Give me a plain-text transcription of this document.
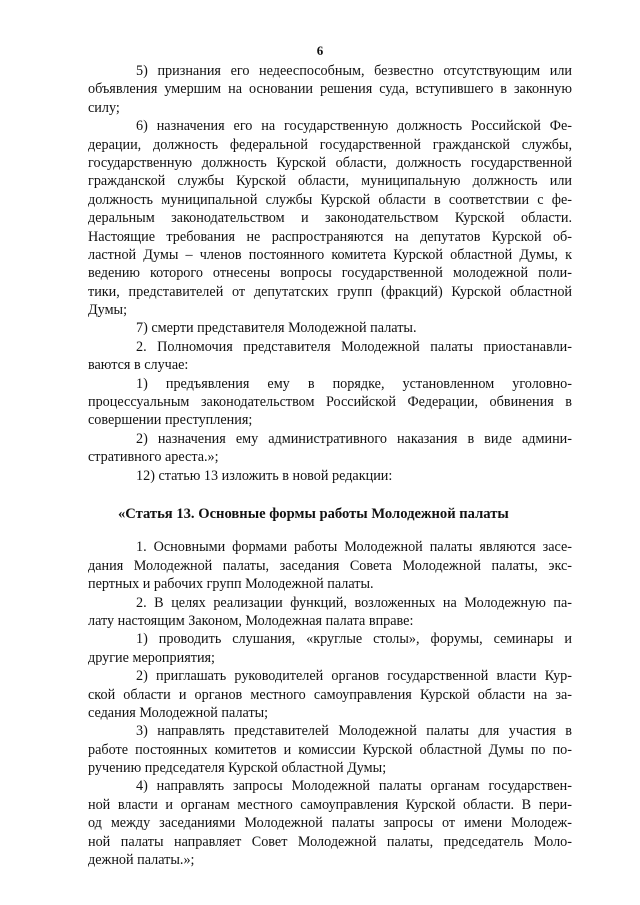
6
5) признания его недееспособным, безвестно отсутствующим или
объявления умершим на основании решения суда, вступившего в законную
силу;
6) назначения его на государственную должность Российской Фе-
дерации, должность федеральной государственной гражданской службы,
государственную должность Курской области, должность государственной
гражданской службы Курской области, муниципальную должность или
должность муниципальной службы Курской области в соответствии с фе-
деральным законодательством и законодательством Курской области.
Настоящие требования не распространяются на депутатов Курской об-
ластной Думы – членов постоянного комитета Курской областной Думы, к
ведению которого отнесены вопросы государственной молодежной поли-
тики, представителей от депутатских групп (фракций) Курской областной
Думы;
7) смерти представителя Молодежной палаты.
2. Полномочия представителя Молодежной палаты приостанавли-
ваются в случае:
1) предъявления ему в порядке, установленном уголовно-
процессуальным законодательством Российской Федерации, обвинения в
совершении преступления;
2) назначения ему административного наказания в виде админи-
стративного ареста.»;
12) статью 13 изложить в новой редакции:
«Статья 13. Основные формы работы Молодежной палаты
1. Основными формами работы Молодежной палаты являются засе-
дания Молодежной палаты, заседания Совета Молодежной палаты, экс-
пертных и рабочих групп Молодежной палаты.
2. В целях реализации функций, возложенных на Молодежную па-
лату настоящим Законом, Молодежная палата вправе:
1) проводить слушания, «круглые столы», форумы, семинары и
другие мероприятия;
2) приглашать руководителей органов государственной власти Кур-
ской области и органов местного самоуправления Курской области на за-
седания Молодежной палаты;
3) направлять представителей Молодежной палаты для участия в
работе постоянных комитетов и комиссии Курской областной Думы по по-
ручению председателя Курской областной Думы;
4) направлять запросы Молодежной палаты органам государствен-
ной власти и органам местного самоуправления Курской области. В пери-
од между заседаниями Молодежной палаты запросы от имени Молодеж-
ной палаты направляет Совет Молодежной палаты, председатель Моло-
дежной палаты.»;
